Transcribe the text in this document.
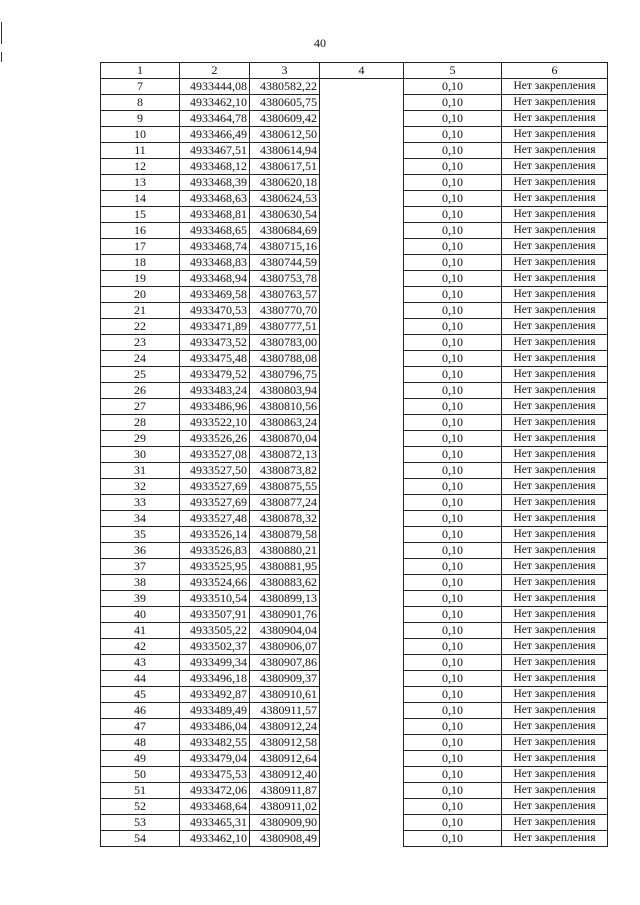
40
1	2	3	4	5	6
7	4933444,08	4380582,22		0,10	Нет закрепления
8	4933462,10	4380605,75		0,10	Нет закрепления
9	4933464,78	4380609,42		0,10	Нет закрепления
10	4933466,49	4380612,50		0,10	Нет закрепления
11	4933467,51	4380614,94		0,10	Нет закрепления
12	4933468,12	4380617,51		0,10	Нет закрепления
13	4933468,39	4380620,18		0,10	Нет закрепления
14	4933468,63	4380624,53		0,10	Нет закрепления
15	4933468,81	4380630,54		0,10	Нет закрепления
16	4933468,65	4380684,69		0,10	Нет закрепления
17	4933468,74	4380715,16		0,10	Нет закрепления
18	4933468,83	4380744,59		0,10	Нет закрепления
19	4933468,94	4380753,78		0,10	Нет закрепления
20	4933469,58	4380763,57		0,10	Нет закрепления
21	4933470,53	4380770,70		0,10	Нет закрепления
22	4933471,89	4380777,51		0,10	Нет закрепления
23	4933473,52	4380783,00		0,10	Нет закрепления
24	4933475,48	4380788,08		0,10	Нет закрепления
25	4933479,52	4380796,75		0,10	Нет закрепления
26	4933483,24	4380803,94		0,10	Нет закрепления
27	4933486,96	4380810,56		0,10	Нет закрепления
28	4933522,10	4380863,24		0,10	Нет закрепления
29	4933526,26	4380870,04		0,10	Нет закрепления
30	4933527,08	4380872,13		0,10	Нет закрепления
31	4933527,50	4380873,82		0,10	Нет закрепления
32	4933527,69	4380875,55		0,10	Нет закрепления
33	4933527,69	4380877,24		0,10	Нет закрепления
34	4933527,48	4380878,32		0,10	Нет закрепления
35	4933526,14	4380879,58		0,10	Нет закрепления
36	4933526,83	4380880,21		0,10	Нет закрепления
37	4933525,95	4380881,95		0,10	Нет закрепления
38	4933524,66	4380883,62		0,10	Нет закрепления
39	4933510,54	4380899,13		0,10	Нет закрепления
40	4933507,91	4380901,76		0,10	Нет закрепления
41	4933505,22	4380904,04		0,10	Нет закрепления
42	4933502,37	4380906,07		0,10	Нет закрепления
43	4933499,34	4380907,86		0,10	Нет закрепления
44	4933496,18	4380909,37		0,10	Нет закрепления
45	4933492,87	4380910,61		0,10	Нет закрепления
46	4933489,49	4380911,57		0,10	Нет закрепления
47	4933486,04	4380912,24		0,10	Нет закрепления
48	4933482,55	4380912,58		0,10	Нет закрепления
49	4933479,04	4380912,64		0,10	Нет закрепления
50	4933475,53	4380912,40		0,10	Нет закрепления
51	4933472,06	4380911,87		0,10	Нет закрепления
52	4933468,64	4380911,02		0,10	Нет закрепления
53	4933465,31	4380909,90		0,10	Нет закрепления
54	4933462,10	4380908,49		0,10	Нет закрепления
